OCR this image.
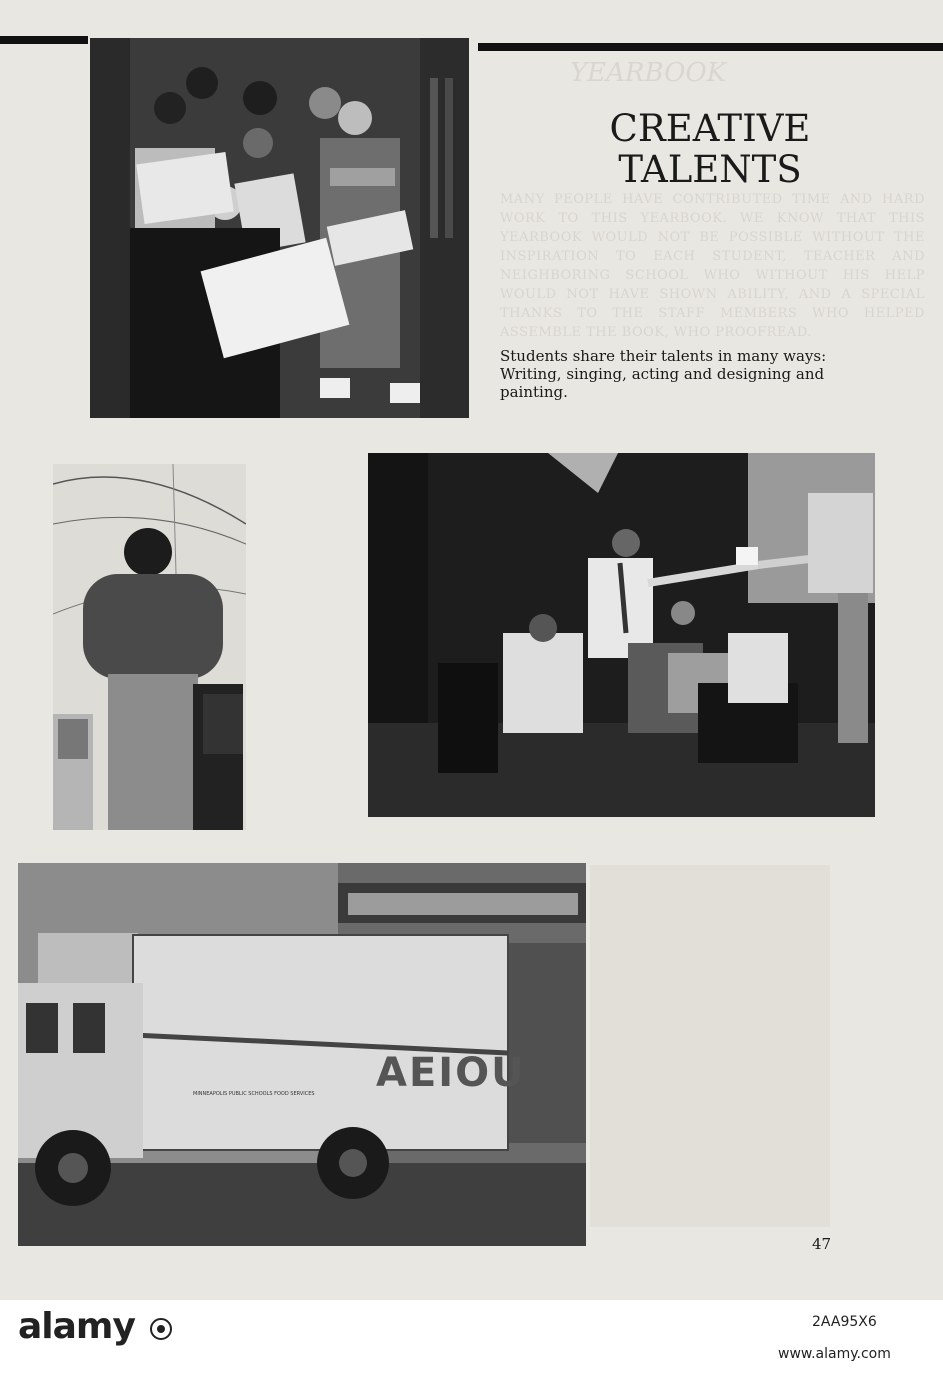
YEARBOOK
MANY PEOPLE HAVE CONTRIBUTED TIME AND HARD WORK TO THIS YEARBOOK. WE KNOW THAT THIS YEARBOOK WOULD NOT BE POSSIBLE WITHOUT THE INSPIRATION TO EACH STUDENT, TEACHER AND NEIGHBORING SCHOOL WHO WITHOUT HIS HELP WOULD NOT HAVE SHOWN ABILITY, AND A SPECIAL THANKS TO THE STAFF MEMBERS WHO HELPED ASSEMBLE THE BOOK, WHO PROOFREAD.
CREATIVE
TALENTS
Students share their talents in many ways: Writing, singing, acting and designing and painting.
AEIOU
MINNEAPOLIS PUBLIC SCHOOLS FOOD SERVICES
47
alamy	2AA95X6
www.alamy.com
